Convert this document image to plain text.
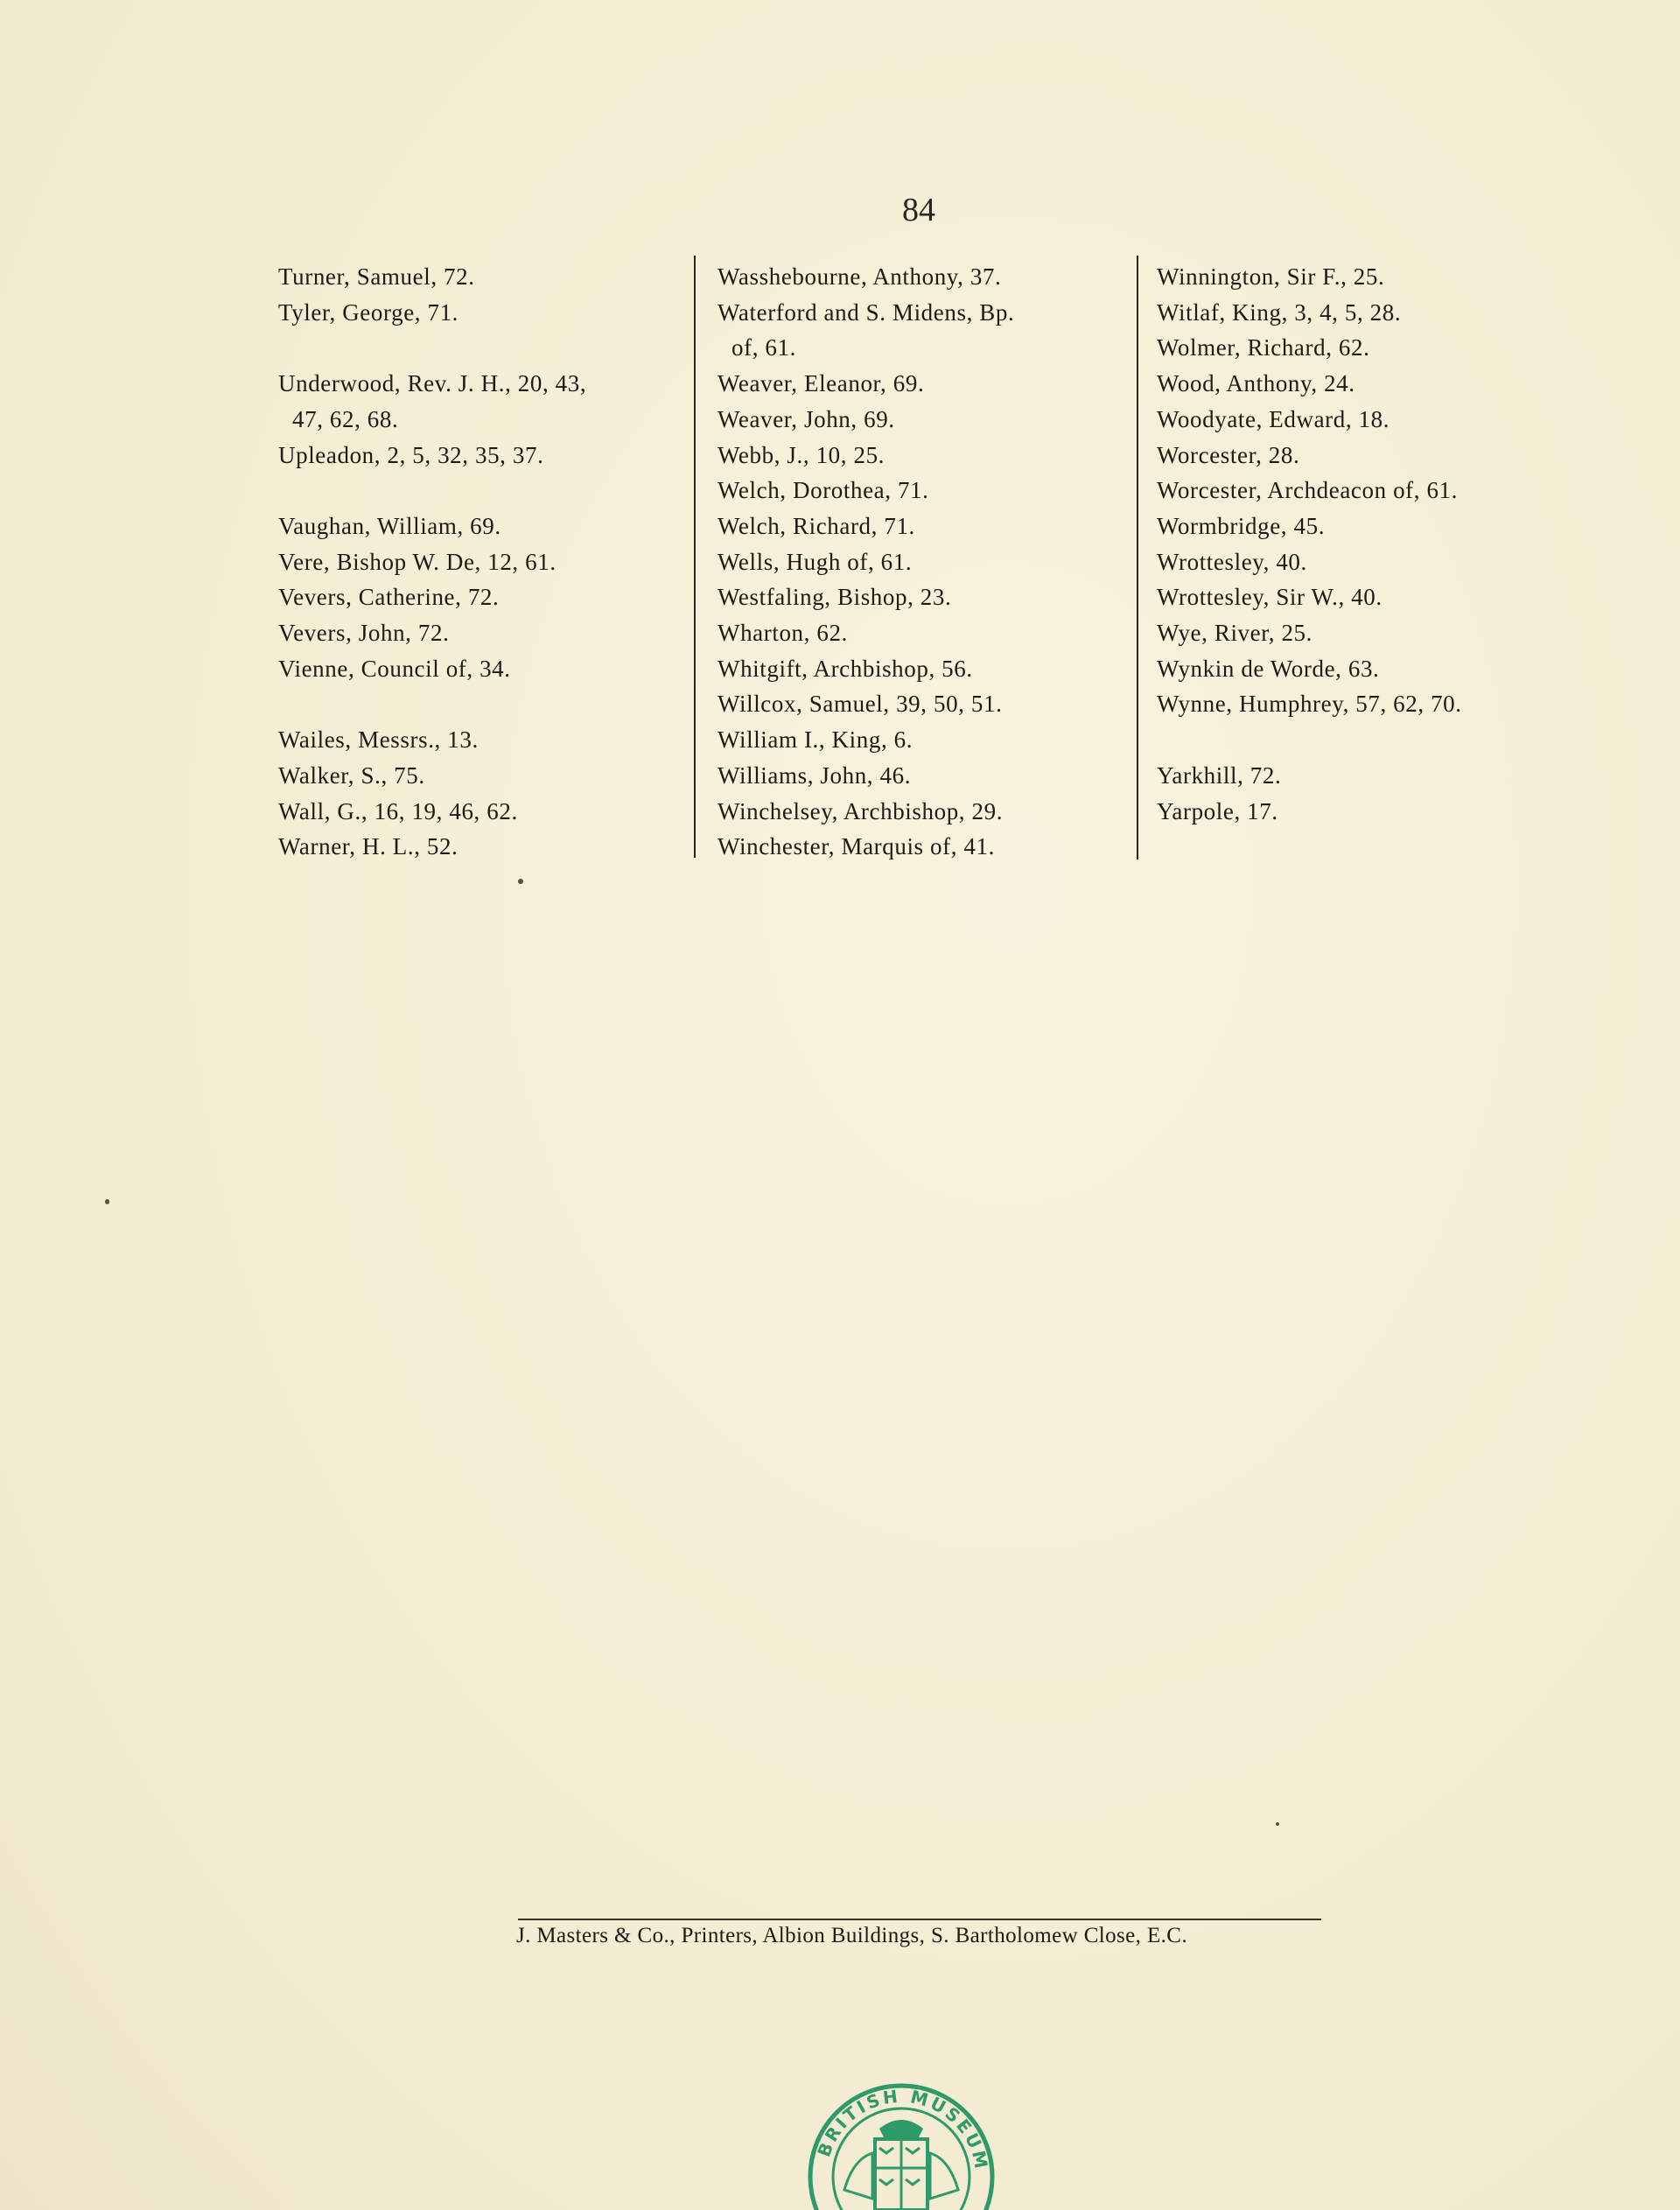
84
Turner, Samuel, 72.
Tyler, George, 71.
Underwood, Rev. J. H., 20, 43,
47, 62, 68.
Upleadon, 2, 5, 32, 35, 37.
Vaughan, William, 69.
Vere, Bishop W. De, 12, 61.
Vevers, Catherine, 72.
Vevers, John, 72.
Vienne, Council of, 34.
Wailes, Messrs., 13.
Walker, S., 75.
Wall, G., 16, 19, 46, 62.
Warner, H. L., 52.
Wasshebourne, Anthony, 37.
Waterford and S. Midens, Bp.
of, 61.
Weaver, Eleanor, 69.
Weaver, John, 69.
Webb, J., 10, 25.
Welch, Dorothea, 71.
Welch, Richard, 71.
Wells, Hugh of, 61.
Westfaling, Bishop, 23.
Wharton, 62.
Whitgift, Archbishop, 56.
Willcox, Samuel, 39, 50, 51.
William I., King, 6.
Williams, John, 46.
Winchelsey, Archbishop, 29.
Winchester, Marquis of, 41.
Winnington, Sir F., 25.
Witlaf, King, 3, 4, 5, 28.
Wolmer, Richard, 62.
Wood, Anthony, 24.
Woodyate, Edward, 18.
Worcester, 28.
Worcester, Archdeacon of, 61.
Wormbridge, 45.
Wrottesley, 40.
Wrottesley, Sir W., 40.
Wye, River, 25.
Wynkin de Worde, 63.
Wynne, Humphrey, 57, 62, 70.
Yarkhill, 72.
Yarpole, 17.
J. Masters & Co., Printers, Albion Buildings, S. Bartholomew Close, E.C.
BRITISH MUSEUM
